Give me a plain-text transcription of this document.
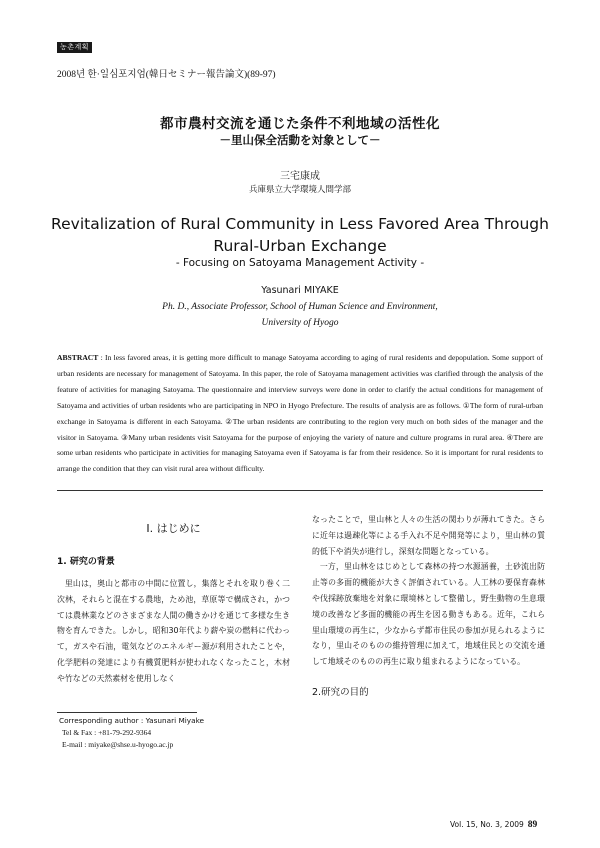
농촌계획
2008년 한·일심포지엄(韓日セミナー報告論文)(89-97)
都市農村交流を通じた条件不利地域の活性化
－里山保全活動を対象として－
三宅康成
兵庫県立大学環境人間学部
Revitalization of Rural Community in Less Favored Area Through
Rural-Urban Exchange
- Focusing on Satoyama Management Activity -
Yasunari MIYAKE
Ph. D., Associate Professor, School of Human Science and Environment,
University of Hyogo
ABSTRACT : In less favored areas, it is getting more difficult to manage Satoyama according to aging of rural residents and depopulation. Some support of urban residents are necessary for management of Satoyama. In this paper, the role of Satoyama management activities was clarified through the analysis of the feature of activities for managing Satoyama. The questionnaire and interview surveys were done in order to clarify the actual conditions for management of Satoyama and activities of urban residents who are participating in NPO in Hyogo Prefecture. The results of analysis are as follows. ①The form of rural-urban exchange in Satoyama is different in each Satoyama. ②The urban residents are contributing to the region very much on both sides of the manager and the visitor in Satoyama. ③Many urban residents visit Satoyama for the purpose of enjoying the variety of nature and culture programs in rural area. ④There are some urban residents who participate in activities for managing Satoyama even if Satoyama is far from their residence. So it is important for rural residents to arrange the condition that they can visit rural area without difficulty.
Ⅰ. はじめに
1. 研究の背景

里山は，奥山と都市の中間に位置し，集落とそれを取り巻く二次林，それらと混在する農地，ため池，草原等で構成され，かつては農林業などのさまざまな人間の働きかけを通じて多様な生き物を育んできた。しかし，昭和30年代より薪や炭の燃料に代わって，ガスや石油，電気などのエネルギー源が利用されたことや，化学肥料の発達により有機質肥料が使われなくなったこと，木材や竹などの天然素材を使用しなく

なったことで，里山林と人々の生活の関わりが薄れてきた。さらに近年は過疎化等による手入れ不足や開発等により，里山林の質的低下や消失が進行し，深刻な問題となっている。

一方，里山林をはじめとして森林の持つ水源涵養，土砂流出防止等の多面的機能が大きく評価されている。人工林の要保育森林や伐採跡放棄地を対象に環境林として整備し，野生動物の生息環境の改善など多面的機能の再生を図る動きもある。近年，これら里山環境の再生に，少なからず都市住民の参加が見られるようになり，里山そのものの維持管理に加えて，地域住民との交流を通して地域そのものの再生に取り組まれるようになっている。

2.研究の目的
Corresponding author : Yasunari Miyake
Tel & Fax : +81-79-292-9364
E-mail : miyake@shse.u-hyogo.ac.jp
Vol. 15, No. 3, 2009 89
